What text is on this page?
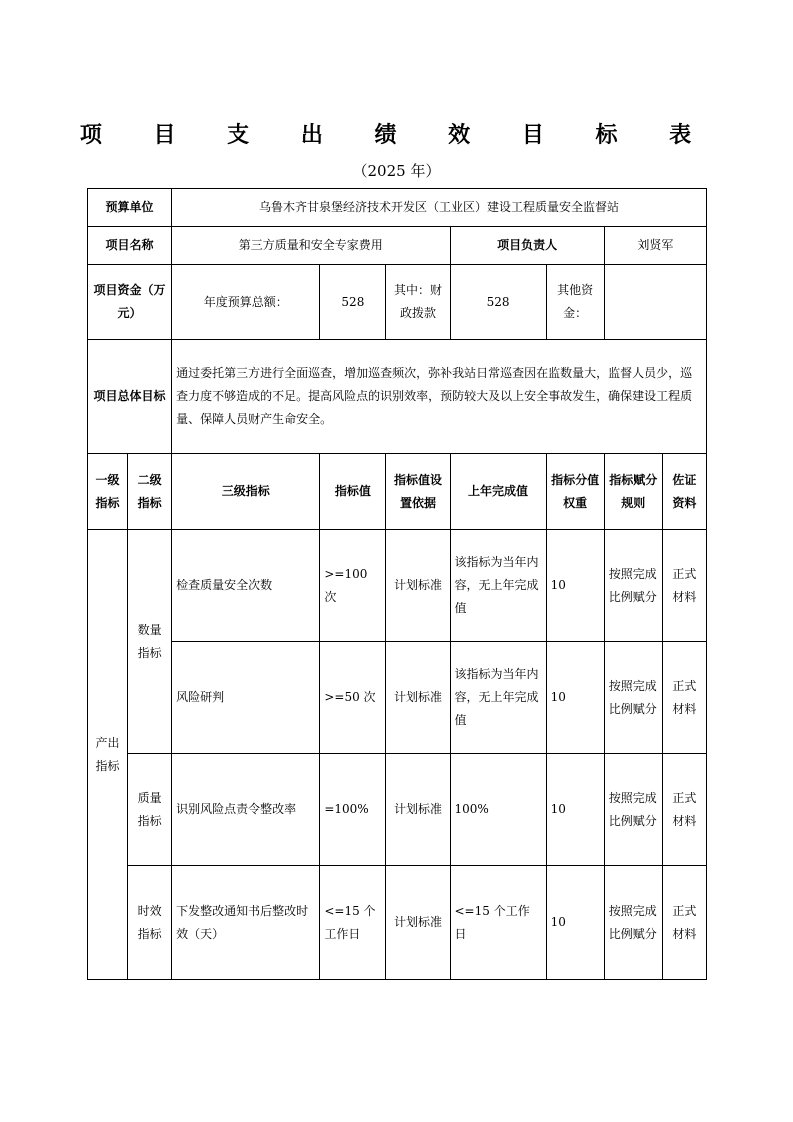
项 目 支 出 绩 效 目 标 表
（2025 年）
预算单位		乌鲁木齐甘泉堡经济技术开发区（工业区）建设工程质量安全监督站						
项目名称		第三方质量和安全专家费用			项目负责人		刘贤军	
项目资金（万元）		年度预算总额：	528	其中：财政拨款	528	其他资金：		
项目总体目标		通过委托第三方进行全面巡查，增加巡查频次，弥补我站日常巡查因在监数量大，监督人员少，巡查力度不够造成的不足。提高风险点的识别效率，预防较大及以上安全事故发生，确保建设工程质量、保障人员财产生命安全。						
一级指标	二级指标	三级指标	指标值	指标值设置依据	上年完成值	指标分值权重	指标赋分规则	佐证资料
产出指标	数量指标	检查质量安全次数	>=100 次	计划标准	该指标为当年内容，无上年完成值	10	按照完成比例赋分	正式材料
		风险研判	>=50 次	计划标准	该指标为当年内容，无上年完成值	10	按照完成比例赋分	正式材料
	质量指标	识别风险点责令整改率	=100%	计划标准	100%	10	按照完成比例赋分	正式材料
	时效指标	下发整改通知书后整改时效（天）	<=15 个工作日	计划标准	<=15 个工作日	10	按照完成比例赋分	正式材料
